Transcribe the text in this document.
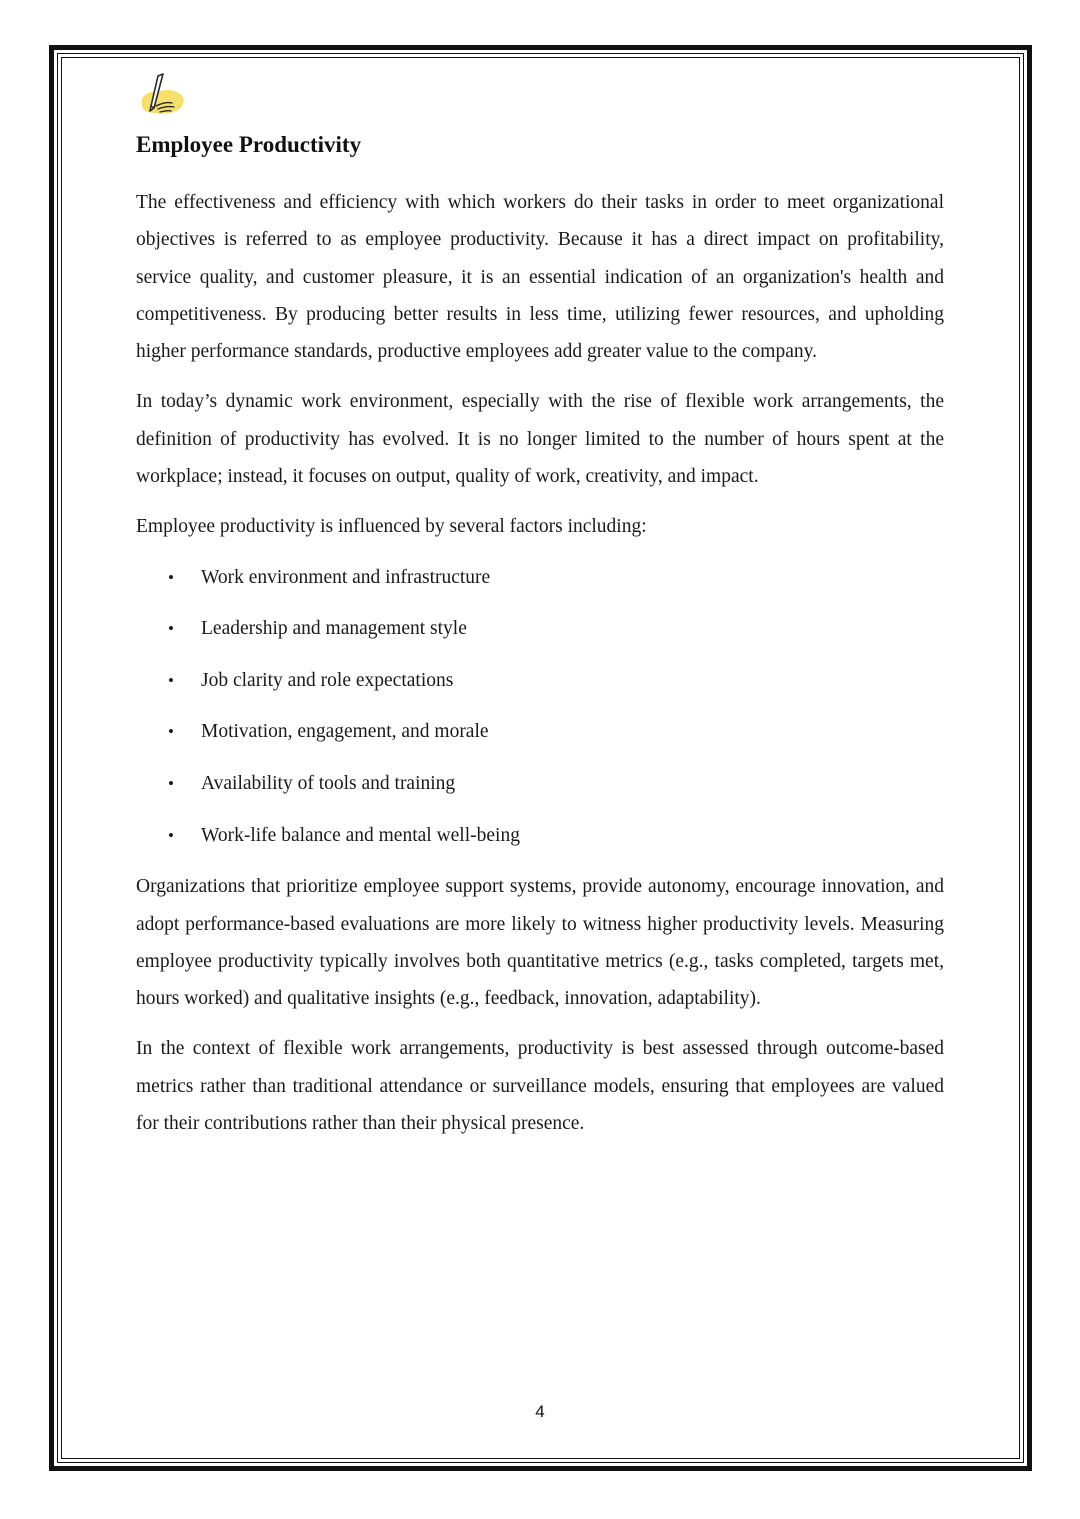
Employee Productivity

The effectiveness and efficiency with which workers do their tasks in order to meet organizational objectives is referred to as employee productivity. Because it has a direct impact on profitability, service quality, and customer pleasure, it is an essential indication of an organization's health and competitiveness. By producing better results in less time, utilizing fewer resources, and upholding higher performance standards, productive employees add greater value to the company.

In today’s dynamic work environment, especially with the rise of flexible work arrangements, the definition of productivity has evolved. It is no longer limited to the number of hours spent at the workplace; instead, it focuses on output, quality of work, creativity, and impact.

Employee productivity is influenced by several factors including:

• Work environment and infrastructure
• Leadership and management style
• Job clarity and role expectations
• Motivation, engagement, and morale
• Availability of tools and training
• Work-life balance and mental well-being

Organizations that prioritize employee support systems, provide autonomy, encourage innovation, and adopt performance-based evaluations are more likely to witness higher productivity levels. Measuring employee productivity typically involves both quantitative metrics (e.g., tasks completed, targets met, hours worked) and qualitative insights (e.g., feedback, innovation, adaptability).

In the context of flexible work arrangements, productivity is best assessed through outcome-based metrics rather than traditional attendance or surveillance models, ensuring that employees are valued for their contributions rather than their physical presence.

4
